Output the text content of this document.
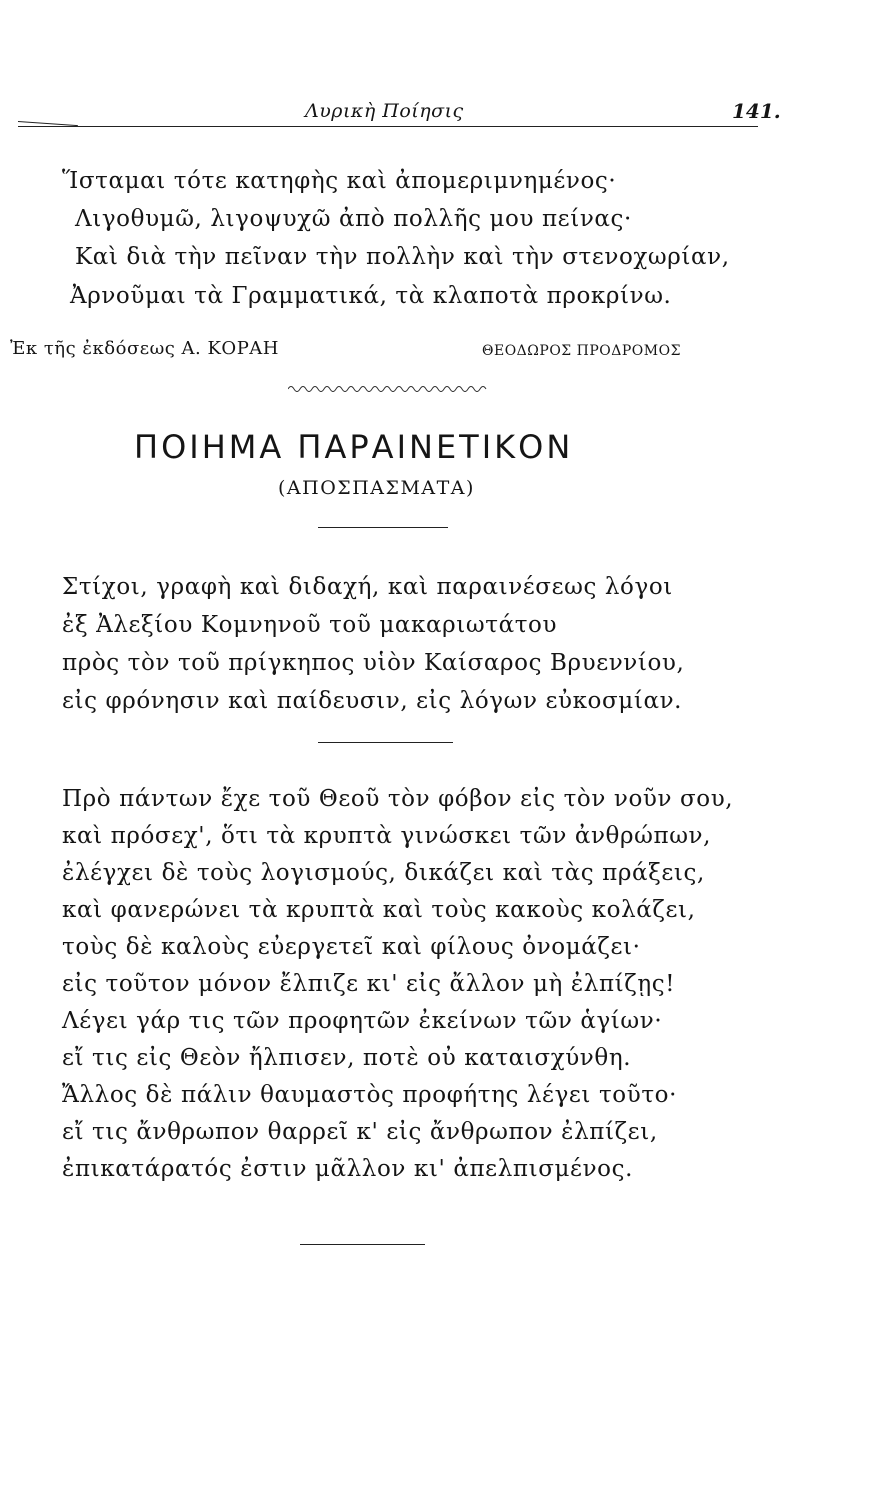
Λυρικὴ Ποίησις	141.
Ἵσταμαι τότε κατηφὴς καὶ ἀπομεριμνημένος·
Λιγοθυμῶ, λιγοψυχῶ ἀπὸ πολλῆς μου πείνας·
Καὶ διὰ τὴν πεῖναν τὴν πολλὴν καὶ τὴν στενοχωρίαν,
Ἀρνοῦμαι τὰ Γραμματικά, τὰ κλαποτὰ προκρίνω.
Ἐκ τῆς ἐκδόσεως Α. ΚΟΡΑΗ	ΘΕΟΔΩΡΟΣ ΠΡΟΔΡΟΜΟΣ
ΠΟΙΗΜΑ ΠΑΡΑΙΝΕΤΙΚΟΝ
(ΑΠΟΣΠΑΣΜΑΤΑ)
Στίχοι, γραφὴ καὶ διδαχή, καὶ παραινέσεως λόγοι
ἐξ Ἀλεξίου Κομνηνοῦ τοῦ μακαριωτάτου
πρὸς τὸν τοῦ πρίγκηπος υἱὸν Καίσαρος Βρυεννίου,
εἰς φρόνησιν καὶ παίδευσιν, εἰς λόγων εὐκοσμίαν.
Πρὸ πάντων ἔχε τοῦ Θεοῦ τὸν φόβον εἰς τὸν νοῦν σου,
καὶ πρόσεχ', ὅτι τὰ κρυπτὰ γινώσκει τῶν ἀνθρώπων,
ἐλέγχει δὲ τοὺς λογισμούς, δικάζει καὶ τὰς πράξεις,
καὶ φανερώνει τὰ κρυπτὰ καὶ τοὺς κακοὺς κολάζει,
τοὺς δὲ καλοὺς εὐεργετεῖ καὶ φίλους ὀνομάζει·
εἰς τοῦτον μόνον ἔλπιζε κι' εἰς ἄλλον μὴ ἐλπίζῃς!
Λέγει γάρ τις τῶν προφητῶν ἐκείνων τῶν ἁγίων·
εἴ τις εἰς Θεὸν ἤλπισεν, ποτὲ οὐ καταισχύνθη.
Ἄλλος δὲ πάλιν θαυμαστὸς προφήτης λέγει τοῦτο·
εἴ τις ἄνθρωπον θαρρεῖ κ' εἰς ἄνθρωπον ἐλπίζει,
ἐπικατάρατός ἐστιν μᾶλλον κι' ἀπελπισμένος.
